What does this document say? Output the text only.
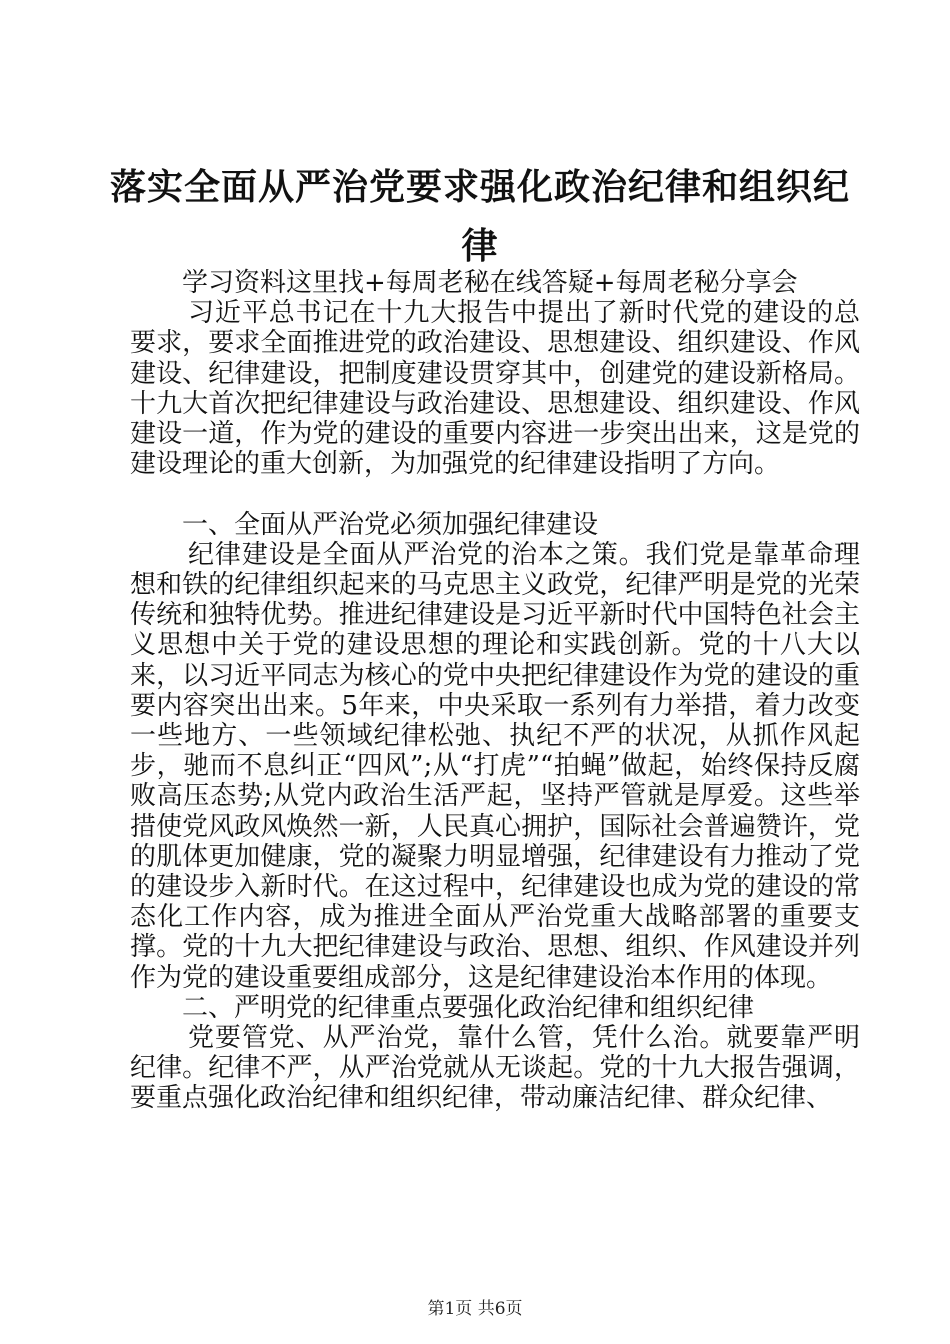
落实全面从严治党要求强化政治纪律和组织纪律

学习资料这里找+每周老秘在线答疑+每周老秘分享会

习近平总书记在十九大报告中提出了新时代党的建设的总要求，要求全面推进党的政治建设、思想建设、组织建设、作风建设、纪律建设，把制度建设贯穿其中，创建党的建设新格局。十九大首次把纪律建设与政治建设、思想建设、组织建设、作风建设一道，作为党的建设的重要内容进一步突出出来，这是党的建设理论的重大创新，为加强党的纪律建设指明了方向。

一、全面从严治党必须加强纪律建设

纪律建设是全面从严治党的治本之策。我们党是靠革命理想和铁的纪律组织起来的马克思主义政党，纪律严明是党的光荣传统和独特优势。推进纪律建设是习近平新时代中国特色社会主义思想中关于党的建设思想的理论和实践创新。党的十八大以来，以习近平同志为核心的党中央把纪律建设作为党的建设的重要内容突出出来。5年来，中央采取一系列有力举措，着力改变一些地方、一些领域纪律松弛、执纪不严的状况，从抓作风起步，驰而不息纠正“四风”;从“打虎”“拍蝇”做起，始终保持反腐败高压态势;从党内政治生活严起，坚持严管就是厚爱。这些举措使党风政风焕然一新，人民真心拥护，国际社会普遍赞许，党的肌体更加健康，党的凝聚力明显增强，纪律建设有力推动了党的建设步入新时代。在这过程中，纪律建设也成为党的建设的常态化工作内容，成为推进全面从严治党重大战略部署的重要支撑。党的十九大把纪律建设与政治、思想、组织、作风建设并列作为党的建设重要组成部分，这是纪律建设治本作用的体现。

二、严明党的纪律重点要强化政治纪律和组织纪律

党要管党、从严治党，靠什么管，凭什么治。就要靠严明纪律。纪律不严，从严治党就从无谈起。党的十九大报告强调，要重点强化政治纪律和组织纪律，带动廉洁纪律、群众纪律、

第1页 共6页
